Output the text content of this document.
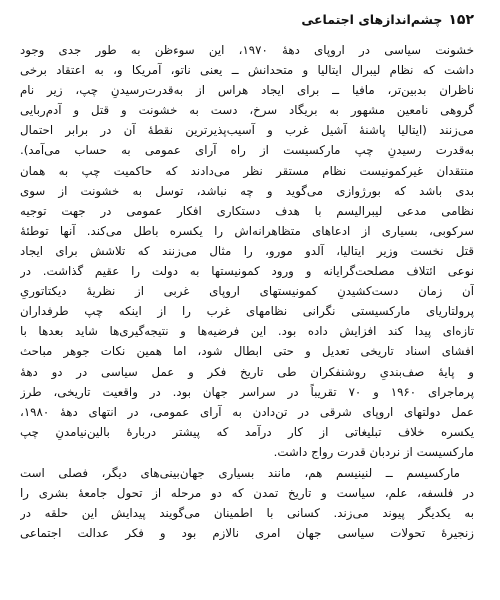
۱۵۲
چشم‌اندازهای اجتماعی
خشونت سیاسی در اروپای دههٔ ۱۹۷۰، این سوءظن به طور جدی وجود
داشت که نظام لیبرال ایتالیا و متحدانش ــ یعنی ناتو، آمریکا و، به اعتقاد برخی
ناظران بدبین‌تر، مافیا ــ برای ایجاد هراس از به‌قدرت‌رسیدنِ چپ، زیر نام
گروهی نامعین مشهور به بریگاد سرخ، دست به خشونت و قتل و آدم‌ربایی
می‌زنند (ایتالیا پاشنهٔ آشیل غرب و آسیب‌پذیرترین نقطهٔ آن در برابر احتمال
به‌قدرت رسیدنِ چپ مارکسیست از راه آرای عمومی به حساب می‌آمد).
منتقدان غیرکمونیست نظام مستقر نظر می‌دادند که حاکمیت چپ به همان
بدی باشد که بورژوازی می‌گوید و چه نباشد، توسل به خشونت از سوی
نظامی مدعی لیبرالیسم با هدف دستکاری افکار عمومی در جهت توجیه
سرکوبی، بسیاری از ادعاهای متظاهرانه‌اش را یکسره باطل می‌کند. آنها توطئهٔ
قتل نخست وزیر ایتالیا، آلدو مورو، را مثال می‌زنند که تلاشش برای ایجاد
نوعی ائتلاف مصلحت‌گرایانه و ورود کمونیستها به دولت را عقیم گذاشت. در
آن زمان دست‌کشیدنِ کمونیستهای اروپای غربی از نظریهٔ دیکتاتوریِ
پرولتاریای مارکسیستی نگرانی نظامهای غرب را از اینکه چپ طرفداران
تازه‌ای پیدا کند افزایش داده بود. این فرضیه‌ها و نتیجه‌گیری‌ها شاید بعدها با
افشای اسناد تاریخی تعدیل و حتی ابطال شود، اما همین نکات جوهر مباحث
و پایهٔ صف‌بندیِ روشنفکران طی تاریخ فکر و عمل سیاسی در دو دههٔ
پرماجرای ۱۹۶۰ و ۷۰ تقریباً در سراسر جهان بود. در واقعیت تاریخی، طرز
عمل دولتهای اروپای شرقی در تن‌دادن به آرای عمومی، در انتهای دههٔ ۱۹۸۰،
یکسره خلاف تبلیغاتی از کار درآمد که پیشتر دربارهٔ بالین‌نیامدنِ چپ
مارکسیست از نردبان قدرت رواج داشت.
مارکسیسم ــ لنینیسم هم، مانند بسیاری جهان‌بینی‌های دیگر، فصلی است
در فلسفه، علم، سیاست و تاریخ تمدن که دو مرحله از تحول جامعهٔ بشری را
به یکدیگر پیوند می‌زند. کسانی با اطمینان می‌گویند پیدایش این حلقه در
زنجیرهٔ تحولات سیاسی جهان امری نالازم بود و فکر عدالت اجتماعی
